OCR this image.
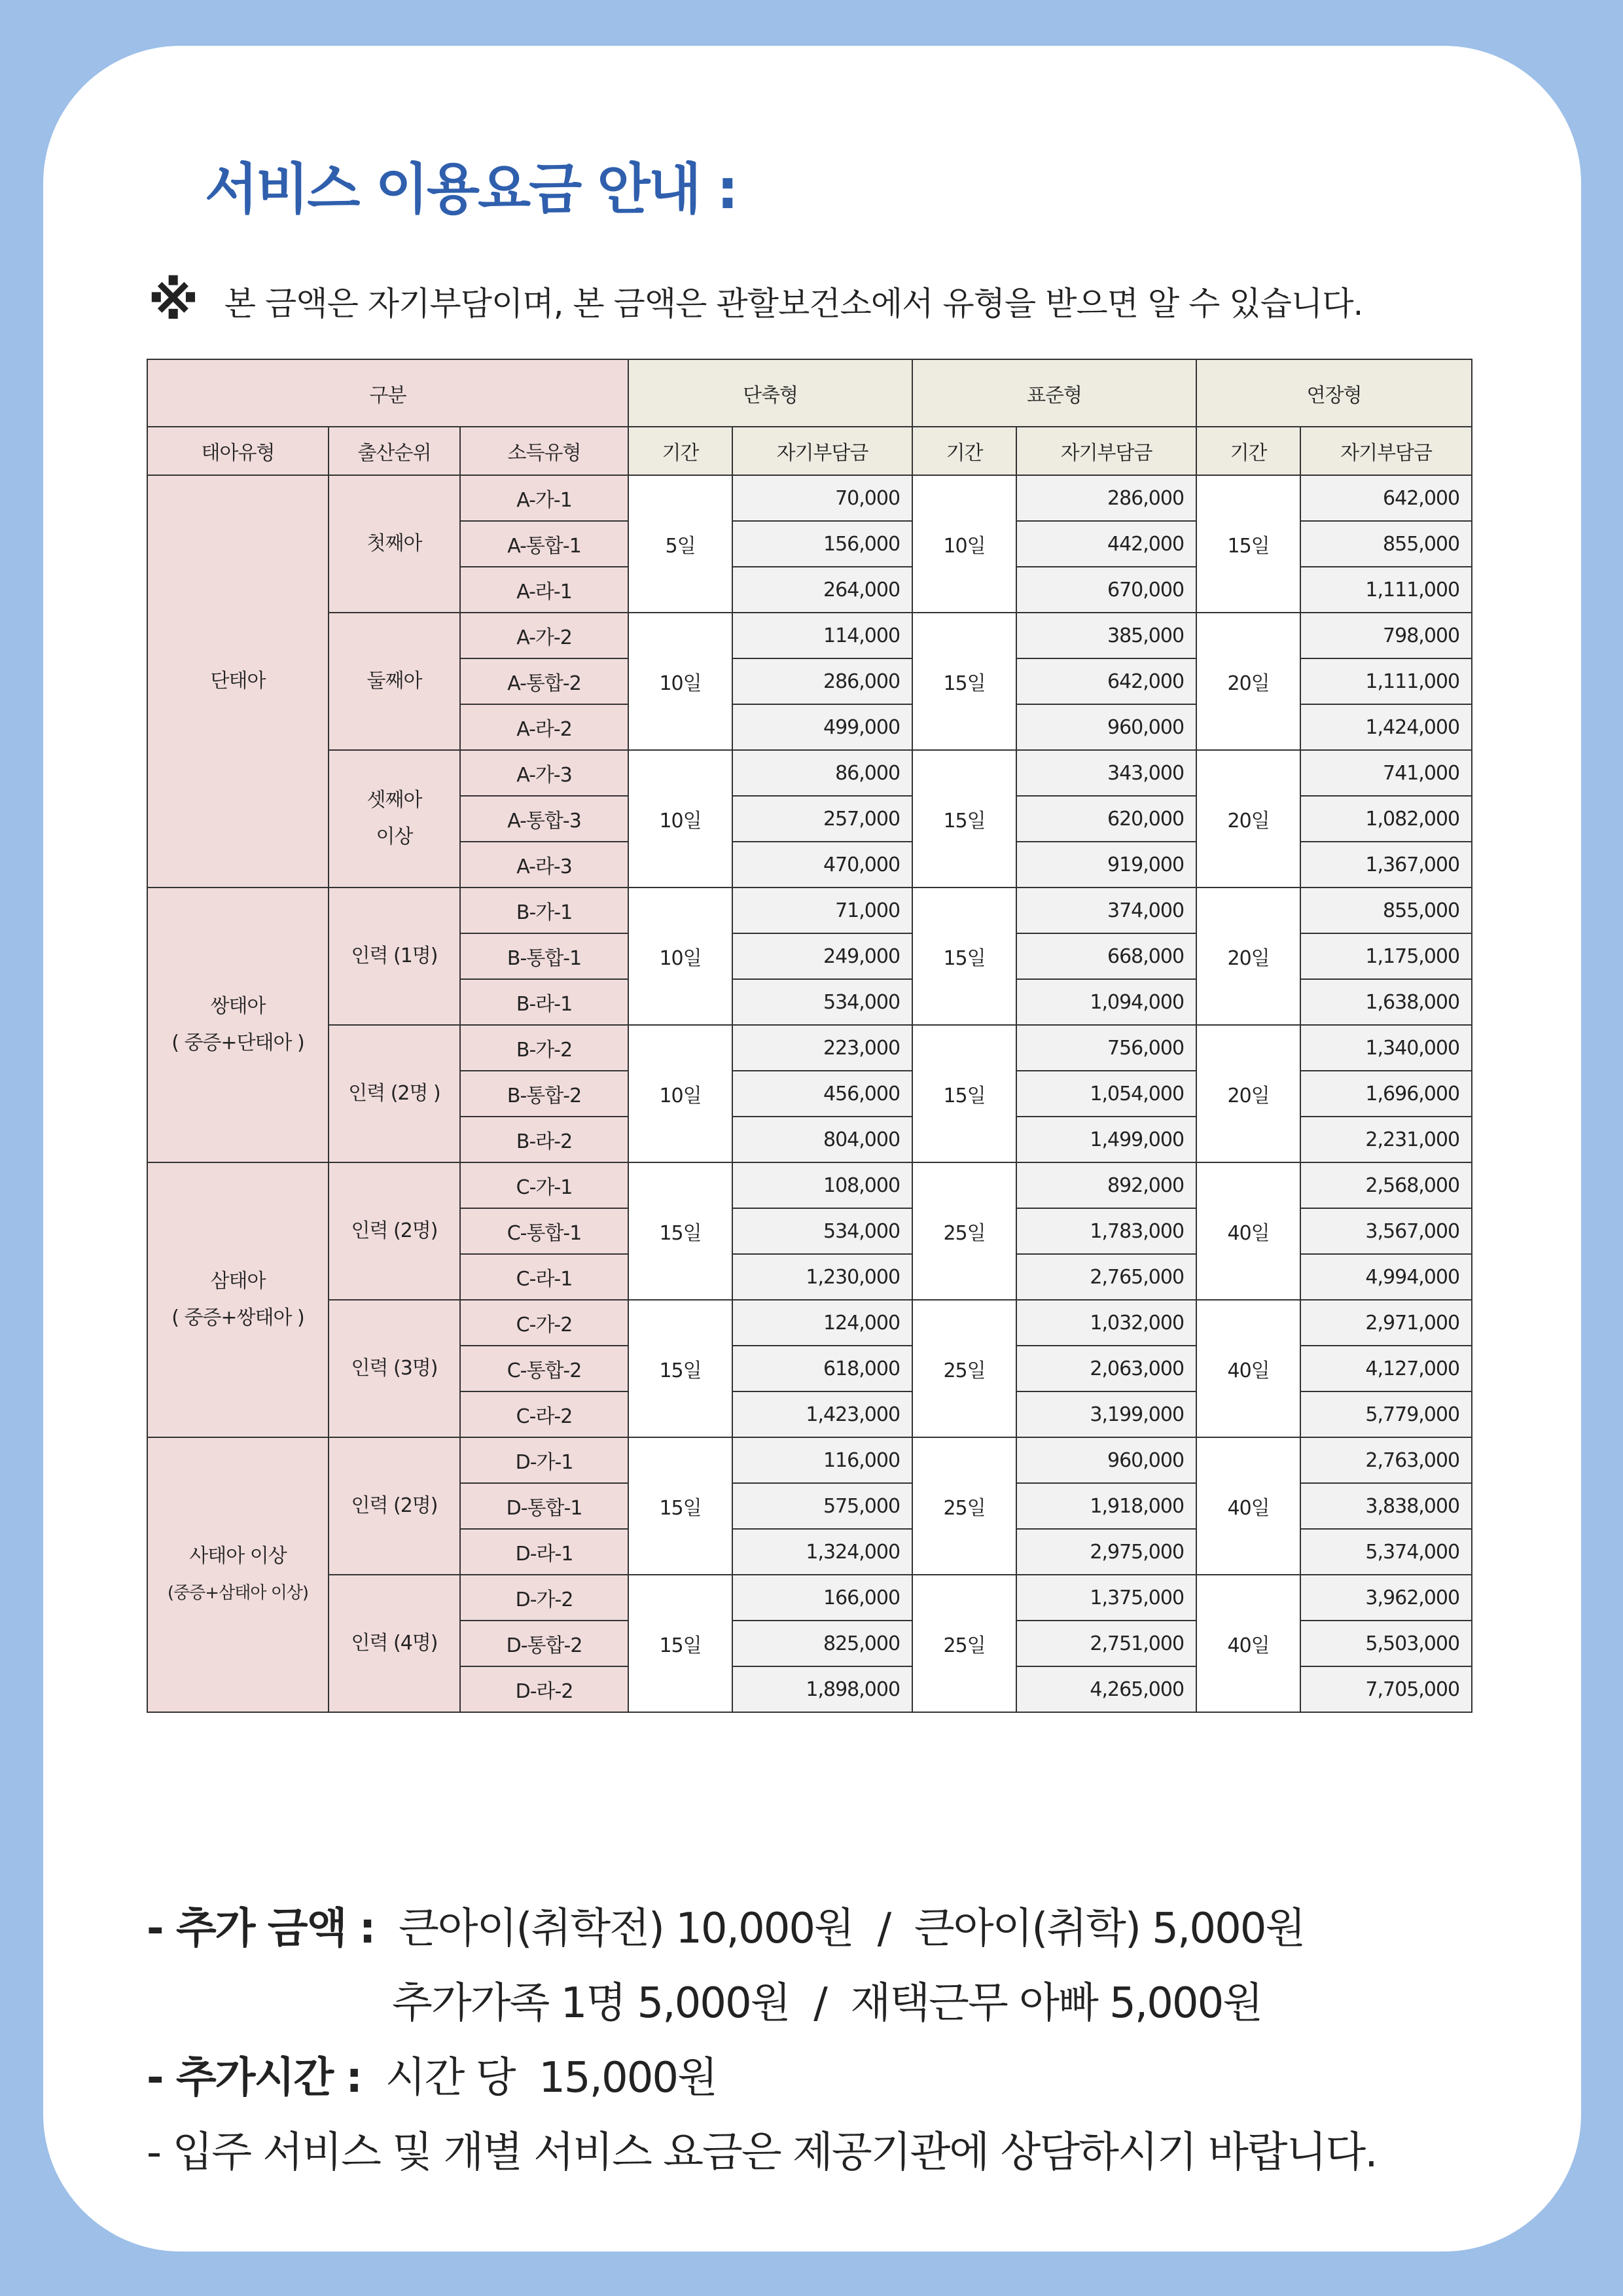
서비스 이용요금 안내 :
※ 본 금액은 자기부담이며, 본 금액은 관할보건소에서 유형을 받으면 알 수 있습니다.
구분			단축형		표준형		연장형	
태아유형	출산순위	소득유형	기간	자기부담금	기간	자기부담금	기간	자기부담금

단태아	첫째아	A-가-1	5일	70,000	10일	286,000	15일	642,000
		A-통합-1		156,000		442,000		855,000
		A-라-1		264,000		670,000		1,111,000

	둘째아	A-가-2	10일	114,000	15일	385,000	20일	798,000
		A-통합-2		286,000		642,000		1,111,000
		A-라-2		499,000		960,000		1,424,000

	셋째아
이상	A-가-3	10일	86,000	15일	343,000	20일	741,000
		A-통합-3		257,000		620,000		1,082,000
		A-라-3		470,000		919,000		1,367,000

쌍태아
( 중증+단태아 )	인력 (1명)	B-가-1	10일	71,000	15일	374,000	20일	855,000
		B-통합-1		249,000		668,000		1,175,000
		B-라-1		534,000		1,094,000		1,638,000

	인력 (2명 )	B-가-2	10일	223,000	15일	756,000	20일	1,340,000
		B-통합-2		456,000		1,054,000		1,696,000
		B-라-2		804,000		1,499,000		2,231,000

삼태아
( 중증+쌍태아 )	인력 (2명)	C-가-1	15일	108,000	25일	892,000	40일	2,568,000
		C-통합-1		534,000		1,783,000		3,567,000
		C-라-1		1,230,000		2,765,000		4,994,000

	인력 (3명)	C-가-2	15일	124,000	25일	1,032,000	40일	2,971,000
		C-통합-2		618,000		2,063,000		4,127,000
		C-라-2		1,423,000		3,199,000		5,779,000

사태아 이상
(중증+삼태아 이상)	인력 (2명)	D-가-1	15일	116,000	25일	960,000	40일	2,763,000
		D-통합-1		575,000		1,918,000		3,838,000
		D-라-1		1,324,000		2,975,000		5,374,000

	인력 (4명)	D-가-2	15일	166,000	25일	1,375,000	40일	3,962,000
		D-통합-2		825,000		2,751,000		5,503,000
		D-라-2		1,898,000		4,265,000		7,705,000
- 추가 금액 :  큰아이(취학전) 10,000원  /  큰아이(취학) 5,000원
추가가족 1명 5,000원  /  재택근무 아빠 5,000원
- 추가시간 :  시간 당  15,000원
- 입주 서비스 및 개별 서비스 요금은 제공기관에 상담하시기 바랍니다.
